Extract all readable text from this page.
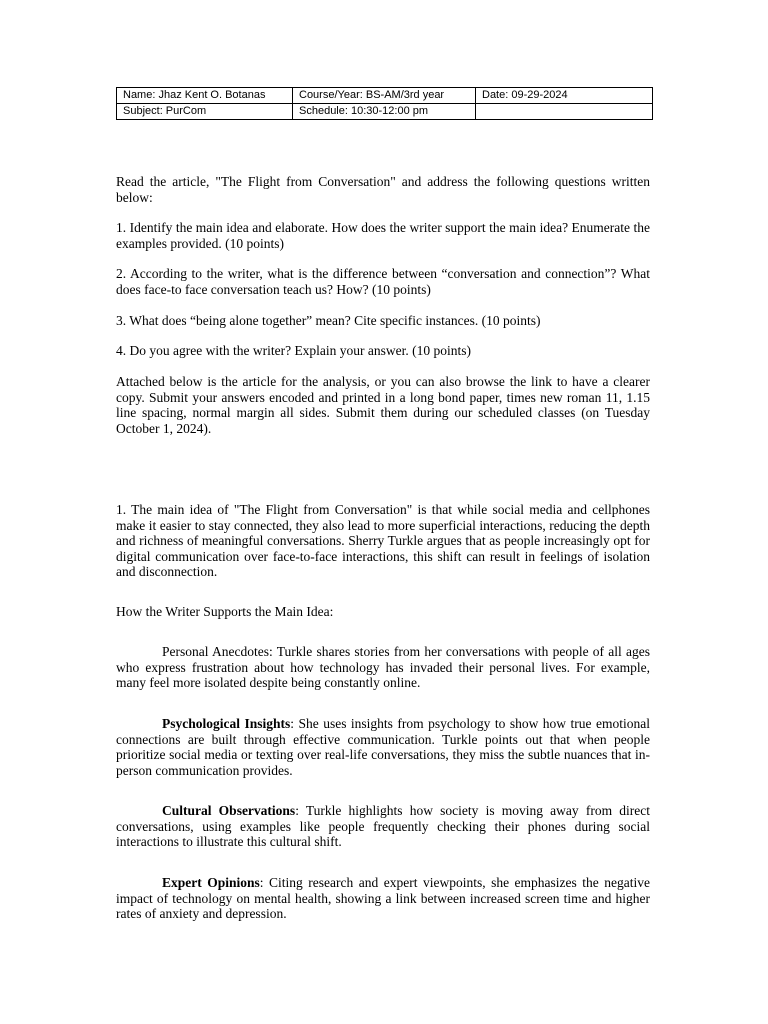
Name: Jhaz Kent O. Botanas	Course/Year: BS-AM/3rd year	Date: 09-29-2024
Subject: PurCom	Schedule: 10:30-12:00 pm	

Read the article, "The Flight from Conversation" and address the following questions written below:

1. Identify the main idea and elaborate. How does the writer support the main idea? Enumerate the examples provided. (10 points)

2. According to the writer, what is the difference between “conversation and connection”? What does face-to face conversation teach us? How? (10 points)

3. What does “being alone together” mean? Cite specific instances. (10 points)

4. Do you agree with the writer? Explain your answer. (10 points)

Attached below is the article for the analysis, or you can also browse the link to have a clearer copy. Submit your answers encoded and printed in a long bond paper, times new roman 11, 1.15 line spacing, normal margin all sides. Submit them during our scheduled classes (on Tuesday October 1, 2024).

1. The main idea of "The Flight from Conversation" is that while social media and cellphones make it easier to stay connected, they also lead to more superficial interactions, reducing the depth and richness of meaningful conversations. Sherry Turkle argues that as people increasingly opt for digital communication over face-to-face interactions, this shift can result in feelings of isolation and disconnection.

How the Writer Supports the Main Idea:

Personal Anecdotes: Turkle shares stories from her conversations with people of all ages who express frustration about how technology has invaded their personal lives. For example, many feel more isolated despite being constantly online.

Psychological Insights: She uses insights from psychology to show how true emotional connections are built through effective communication. Turkle points out that when people prioritize social media or texting over real-life conversations, they miss the subtle nuances that in-person communication provides.

Cultural Observations: Turkle highlights how society is moving away from direct conversations, using examples like people frequently checking their phones during social interactions to illustrate this cultural shift.

Expert Opinions: Citing research and expert viewpoints, she emphasizes the negative impact of technology on mental health, showing a link between increased screen time and higher rates of anxiety and depression.
